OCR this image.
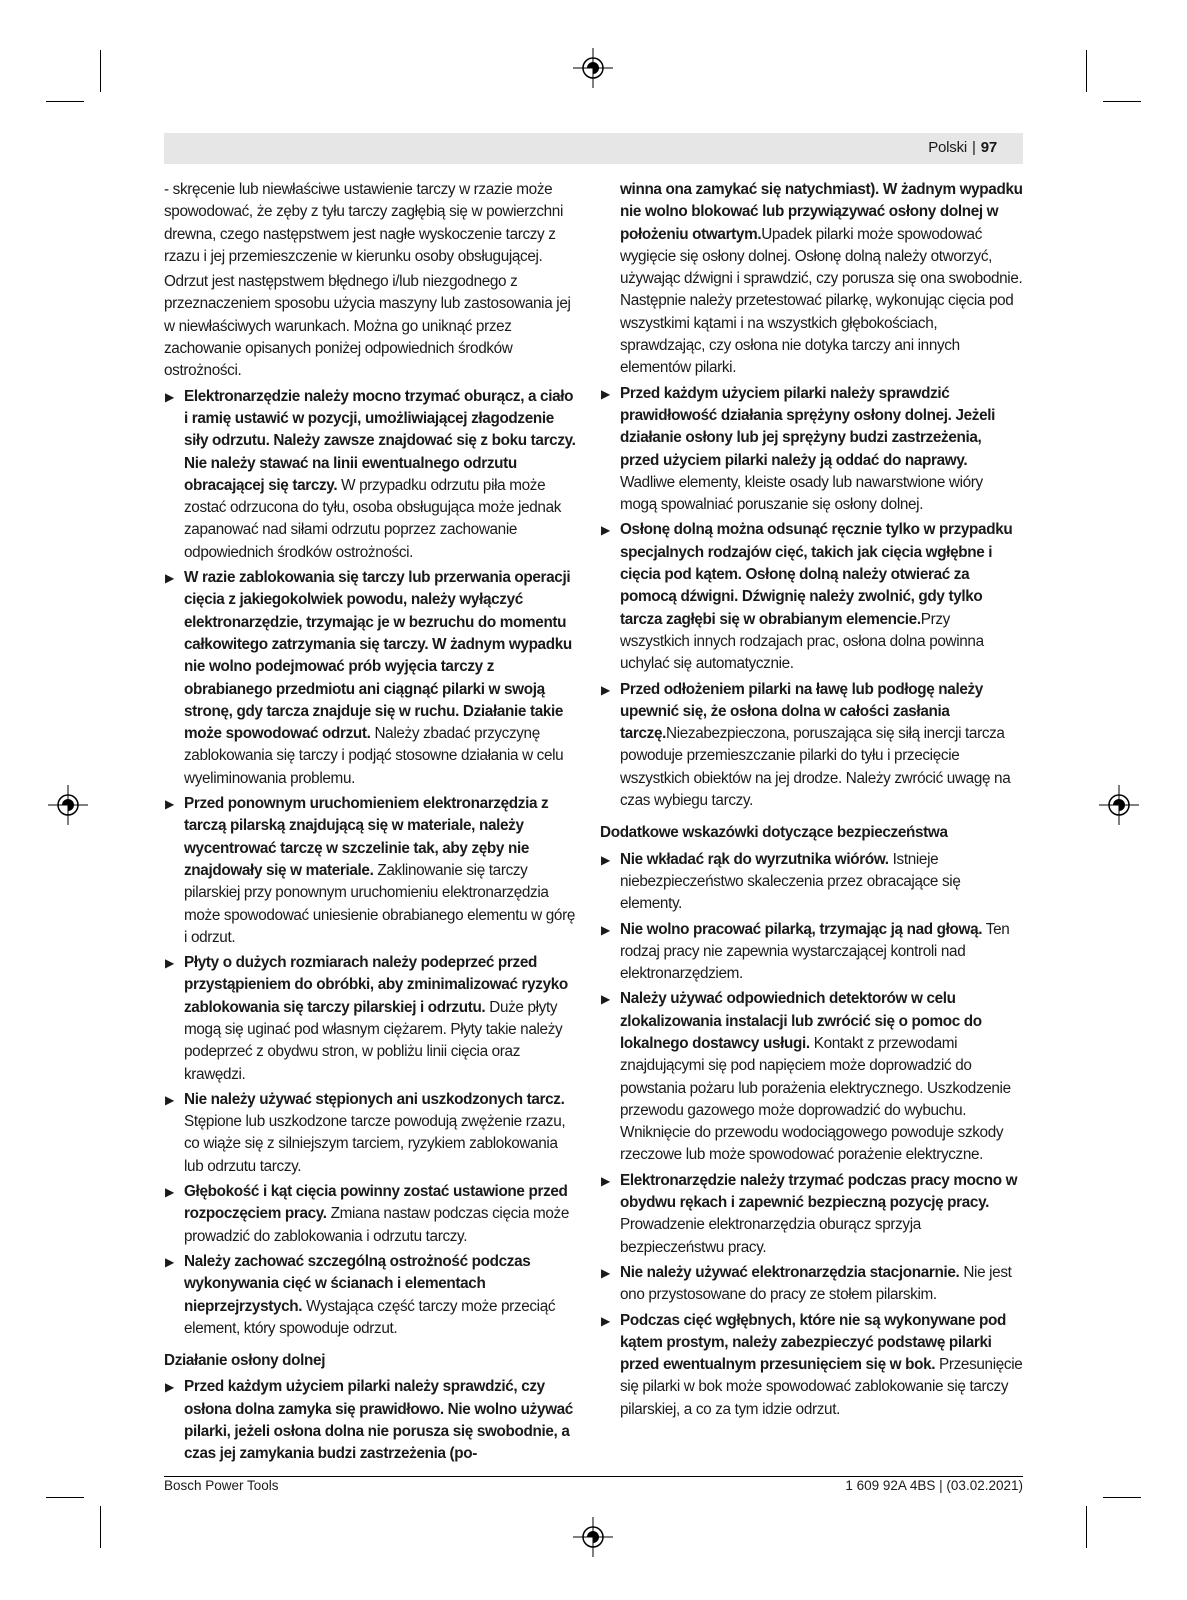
Polski | 97

- skręcenie lub niewłaściwe ustawienie tarczy w rzazie może spowodować, że zęby z tyłu tarczy zagłębią się w powierzchni drewna, czego następstwem jest nagłe wyskoczenie tarczy z rzazu i jej przemieszczenie w kierunku osoby obsługującej.

Odrzut jest następstwem błędnego i/lub niezgodnego z przeznaczeniem sposobu użycia maszyny lub zastosowania jej w niewłaściwych warunkach. Można go uniknąć przez zachowanie opisanych poniżej odpowiednich środków ostrożności.

▶ Elektronarzędzie należy mocno trzymać oburącz, a ciało i ramię ustawić w pozycji, umożliwiającej złagodzenie siły odrzutu. Należy zawsze znajdować się z boku tarczy. Nie należy stawać na linii ewentualnego odrzutu obracającej się tarczy. W przypadku odrzutu piła może zostać odrzucona do tyłu, osoba obsługująca może jednak zapanować nad siłami odrzutu poprzez zachowanie odpowiednich środków ostrożności.
▶ W razie zablokowania się tarczy lub przerwania operacji cięcia z jakiegokolwiek powodu, należy wyłączyć elektronarzędzie, trzymając je w bezruchu do momentu całkowitego zatrzymania się tarczy. W żadnym wypadku nie wolno podejmować prób wyjęcia tarczy z obrabianego przedmiotu ani ciągnąć pilarki w swoją stronę, gdy tarcza znajduje się w ruchu. Działanie takie może spowodować odrzut. Należy zbadać przyczynę zablokowania się tarczy i podjąć stosowne działania w celu wyeliminowania problemu.
▶ Przed ponownym uruchomieniem elektronarzędzia z tarczą pilarską znajdującą się w materiale, należy wycentrować tarczę w szczelinie tak, aby zęby nie znajdowały się w materiale. Zaklinowanie się tarczy pilarskiej przy ponownym uruchomieniu elektronarzędzia może spowodować uniesienie obrabianego elementu w górę i odrzut.
▶ Płyty o dużych rozmiarach należy podeprzeć przed przystąpieniem do obróbki, aby zminimalizować ryzyko zablokowania się tarczy pilarskiej i odrzutu. Duże płyty mogą się uginać pod własnym ciężarem. Płyty takie należy podeprzeć z obydwu stron, w pobliżu linii cięcia oraz krawędzi.
▶ Nie należy używać stępionych ani uszkodzonych tarcz. Stępione lub uszkodzone tarcze powodują zwężenie rzazu, co wiąże się z silniejszym tarciem, ryzykiem zablokowania lub odrzutu tarczy.
▶ Głębokość i kąt cięcia powinny zostać ustawione przed rozpoczęciem pracy. Zmiana nastaw podczas cięcia może prowadzić do zablokowania i odrzutu tarczy.
▶ Należy zachować szczególną ostrożność podczas wykonywania cięć w ścianach i elementach nieprzejrzystych. Wystająca część tarczy może przeciąć element, który spowoduje odrzut.
Działanie osłony dolnej
▶ Przed każdym użyciem pilarki należy sprawdzić, czy osłona dolna zamyka się prawidłowo. Nie wolno używać pilarki, jeżeli osłona dolna nie porusza się swobodnie, a czas jej zamykania budzi zastrzeżenia (po-
winna ona zamykać się natychmiast). W żadnym wypadku nie wolno blokować lub przywiązywać osłony dolnej w położeniu otwartym.Upadek pilarki może spowodować wygięcie się osłony dolnej. Osłonę dolną należy otworzyć, używając dźwigni i sprawdzić, czy porusza się ona swobodnie. Następnie należy przetestować pilarkę, wykonując cięcia pod wszystkimi kątami i na wszystkich głębokościach, sprawdzając, czy osłona nie dotyka tarczy ani innych elementów pilarki.
▶ Przed każdym użyciem pilarki należy sprawdzić prawidłowość działania sprężyny osłony dolnej. Jeżeli działanie osłony lub jej sprężyny budzi zastrzeżenia, przed użyciem pilarki należy ją oddać do naprawy. Wadliwe elementy, kleiste osady lub nawarstwione wióry mogą spowalniać poruszanie się osłony dolnej.
▶ Osłonę dolną można odsunąć ręcznie tylko w przypadku specjalnych rodzajów cięć, takich jak cięcia wgłębne i cięcia pod kątem. Osłonę dolną należy otwierać za pomocą dźwigni. Dźwignię należy zwolnić, gdy tylko tarcza zagłębi się w obrabianym elemencie.Przy wszystkich innych rodzajach prac, osłona dolna powinna uchylać się automatycznie.
▶ Przed odłożeniem pilarki na ławę lub podłogę należy upewnić się, że osłona dolna w całości zasłania tarczę.Niezabezpieczona, poruszająca się siłą inercji tarcza powoduje przemieszczanie pilarki do tyłu i przecięcie wszystkich obiektów na jej drodze. Należy zwrócić uwagę na czas wybiegu tarczy.
Dodatkowe wskazówki dotyczące bezpieczeństwa
▶ Nie wkładać rąk do wyrzutnika wiórów. Istnieje niebezpieczeństwo skaleczenia przez obracające się elementy.
▶ Nie wolno pracować pilarką, trzymając ją nad głową. Ten rodzaj pracy nie zapewnia wystarczającej kontroli nad elektronarzędziem.
▶ Należy używać odpowiednich detektorów w celu zlokalizowania instalacji lub zwrócić się o pomoc do lokalnego dostawcy usługi. Kontakt z przewodami znajdującymi się pod napięciem może doprowadzić do powstania pożaru lub porażenia elektrycznego. Uszkodzenie przewodu gazowego może doprowadzić do wybuchu. Wniknięcie do przewodu wodociągowego powoduje szkody rzeczowe lub może spowodować porażenie elektryczne.
▶ Elektronarzędzie należy trzymać podczas pracy mocno w obydwu rękach i zapewnić bezpieczną pozycję pracy. Prowadzenie elektronarzędzia oburącz sprzyja bezpieczeństwu pracy.
▶ Nie należy używać elektronarzędzia stacjonarnie. Nie jest ono przystosowane do pracy ze stołem pilarskim.
▶ Podczas cięć wgłębnych, które nie są wykonywane pod kątem prostym, należy zabezpieczyć podstawę pilarki przed ewentualnym przesunięciem się w bok. Przesunięcie się pilarki w bok może spowodować zablokowanie się tarczy pilarskiej, a co za tym idzie odrzut.
Bosch Power Tools	1 609 92A 4BS | (03.02.2021)
